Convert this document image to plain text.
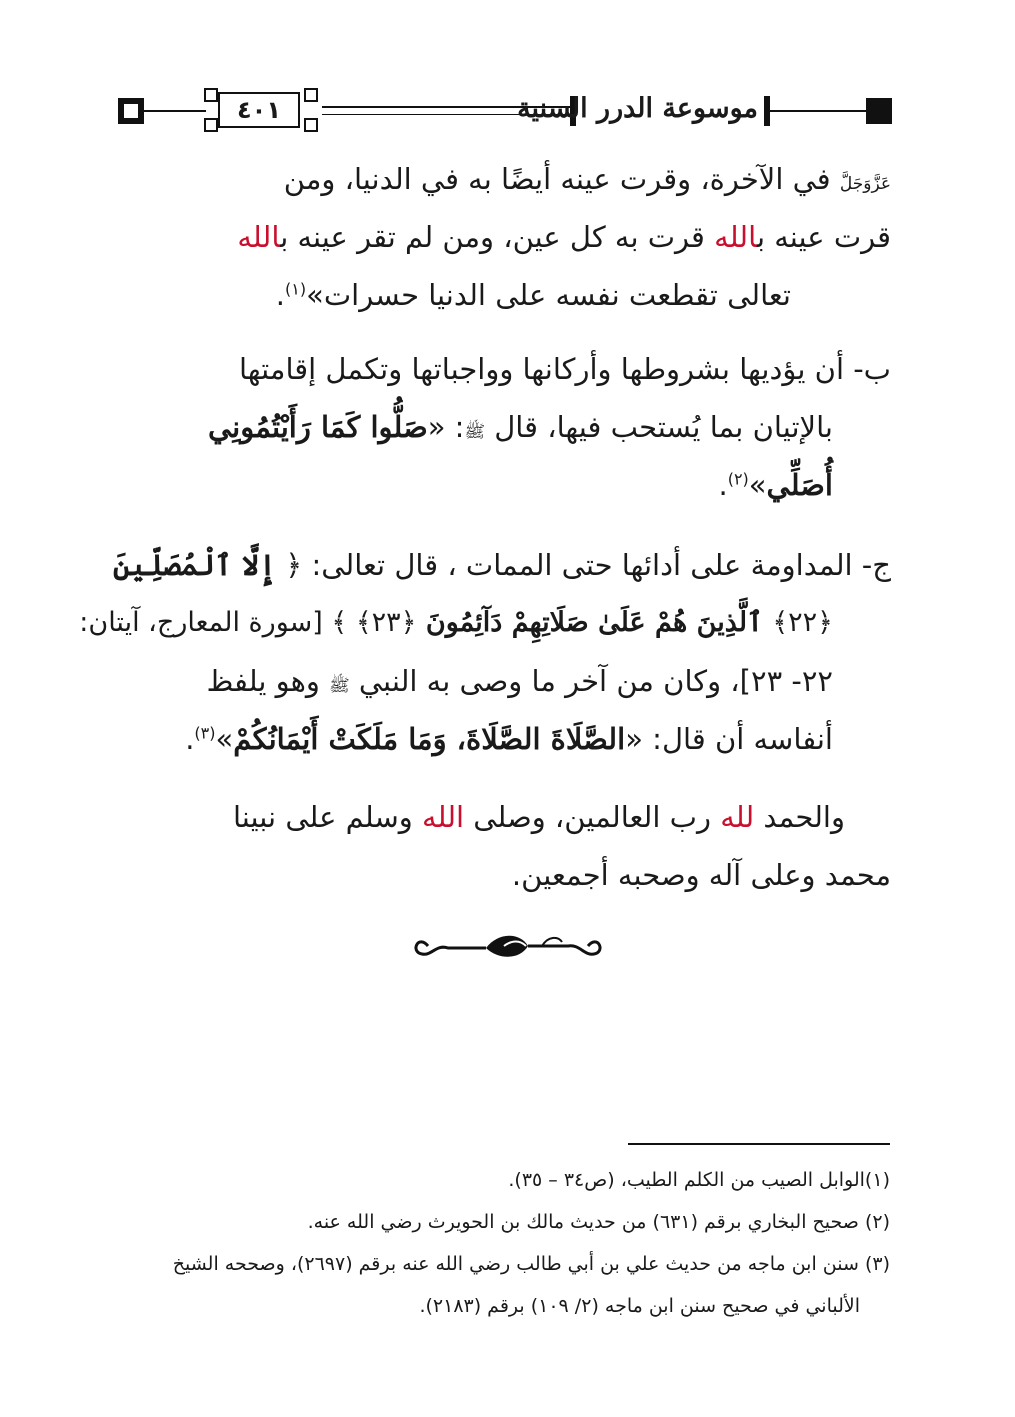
٤٠١	موسوعة الدرر السنية
عَزَّوَجَلَّ في الآخرة، وقرت عينه أيضًا به في الدنيا، ومن
قرت عينه بالله قرت به كل عين، ومن لم تقر عينه بالله
تعالى تقطعت نفسه على الدنيا حسرات»$^{(١)}$.
ب- أن يؤديها بشروطها وأركانها وواجباتها وتكمل إقامتها
بالإتيان بما يُستحب فيها، قال ﷺ: «صَلُّوا كَمَا رَأَيْتُمُونِي
أُصَلِّي»$^{(٢)}$.
ج- المداومة على أدائها حتى الممات ، قال تعالى: ﴿ إِلَّا ٱلْمُصَلِّينَ
﴿٢٢﴾ ٱلَّذِينَ هُمْ عَلَىٰ صَلَاتِهِمْ دَآئِمُونَ ﴿٢٣﴾ ﴾ [سورة المعارج، آيتان:
٢٢- ٢٣]، وكان من آخر ما وصى به النبي ﷺ وهو يلفظ
أنفاسه أن قال: «الصَّلَاةَ الصَّلَاةَ، وَمَا مَلَكَتْ أَيْمَانُكُمْ»$^{(٣)}$.
والحمد لله رب العالمين، وصلى الله وسلم على نبينا
محمد وعلى آله وصحبه أجمعين.
(١)الوابل الصيب من الكلم الطيب، (ص٣٤ – ٣٥).
(٢) صحيح البخاري برقم (٦٣١) من حديث مالك بن الحويرث رضي الله عنه.
(٣) سنن ابن ماجه من حديث علي بن أبي طالب رضي الله عنه برقم (٢٦٩٧)، وصححه الشيخ
الألباني في صحيح سنن ابن ماجه (٢/ ١٠٩) برقم (٢١٨٣).
